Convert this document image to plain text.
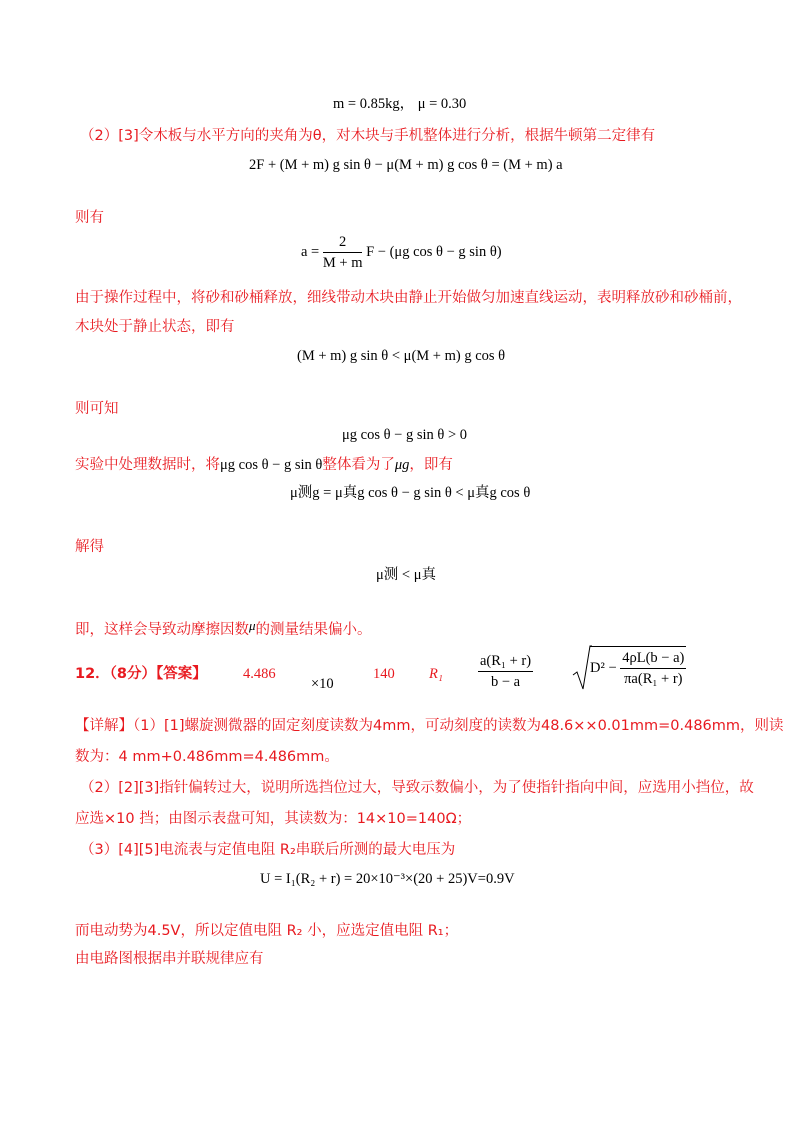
m = 0.85kg， μ = 0.30
（2）[3]令木板与水平方向的夹角为θ，对木块与手机整体进行分析，根据牛顿第二定律有
2F + (M + m) g sin θ − μ(M + m) g cos θ = (M + m) a
则有
$a = \frac{2}{M + m}$ F − (μg cos θ − g sin θ)
由于操作过程中，将砂和砂桶释放，细线带动木块由静止开始做匀加速直线运动，表明释放砂和砂桶前，
木块处于静止状态，即有
(M + m) g sin θ < μ(M + m) g cos θ
则可知
μg cos θ − g sin θ > 0
实验中处理数据时，将μg cos θ − g sin θ整体看为了μg，即有
μ测g = μ真g cos θ − g sin θ < μ真g cos θ
解得
μ测 < μ真
即，这样会导致动摩擦因数μ的测量结果偏小。
12．（8分）【答案】 4.486
×10
140 $R_1 \frac{\text{a(R₁ + r)}}{b - a}$	$D^2 - \frac{4\rho L(b - a)}{\text{πa(R₁ + r)}}$
【详解】（1）[1]螺旋测微器的固定刻度读数为4mm，可动刻度的读数为48.6××0.01mm=0.486mm，则读
数为：4 mm+0.486mm=4.486mm。
（2）[2][3]指针偏转过大，说明所选挡位过大，导致示数偏小，为了使指针指向中间，应选用小挡位，故
应选×10 挡；由图示表盘可知，其读数为：14×10=140Ω；
（3）[4][5]电流表与定值电阻 R₂串联后所测的最大电压为
U = I₁(R₂ + r) = 20×10⁻³×(20 + 25)V=0.9V
而电动势为4.5V，所以定值电阻 R₂ 小，应选定值电阻 R₁；
由电路图根据串并联规律应有
